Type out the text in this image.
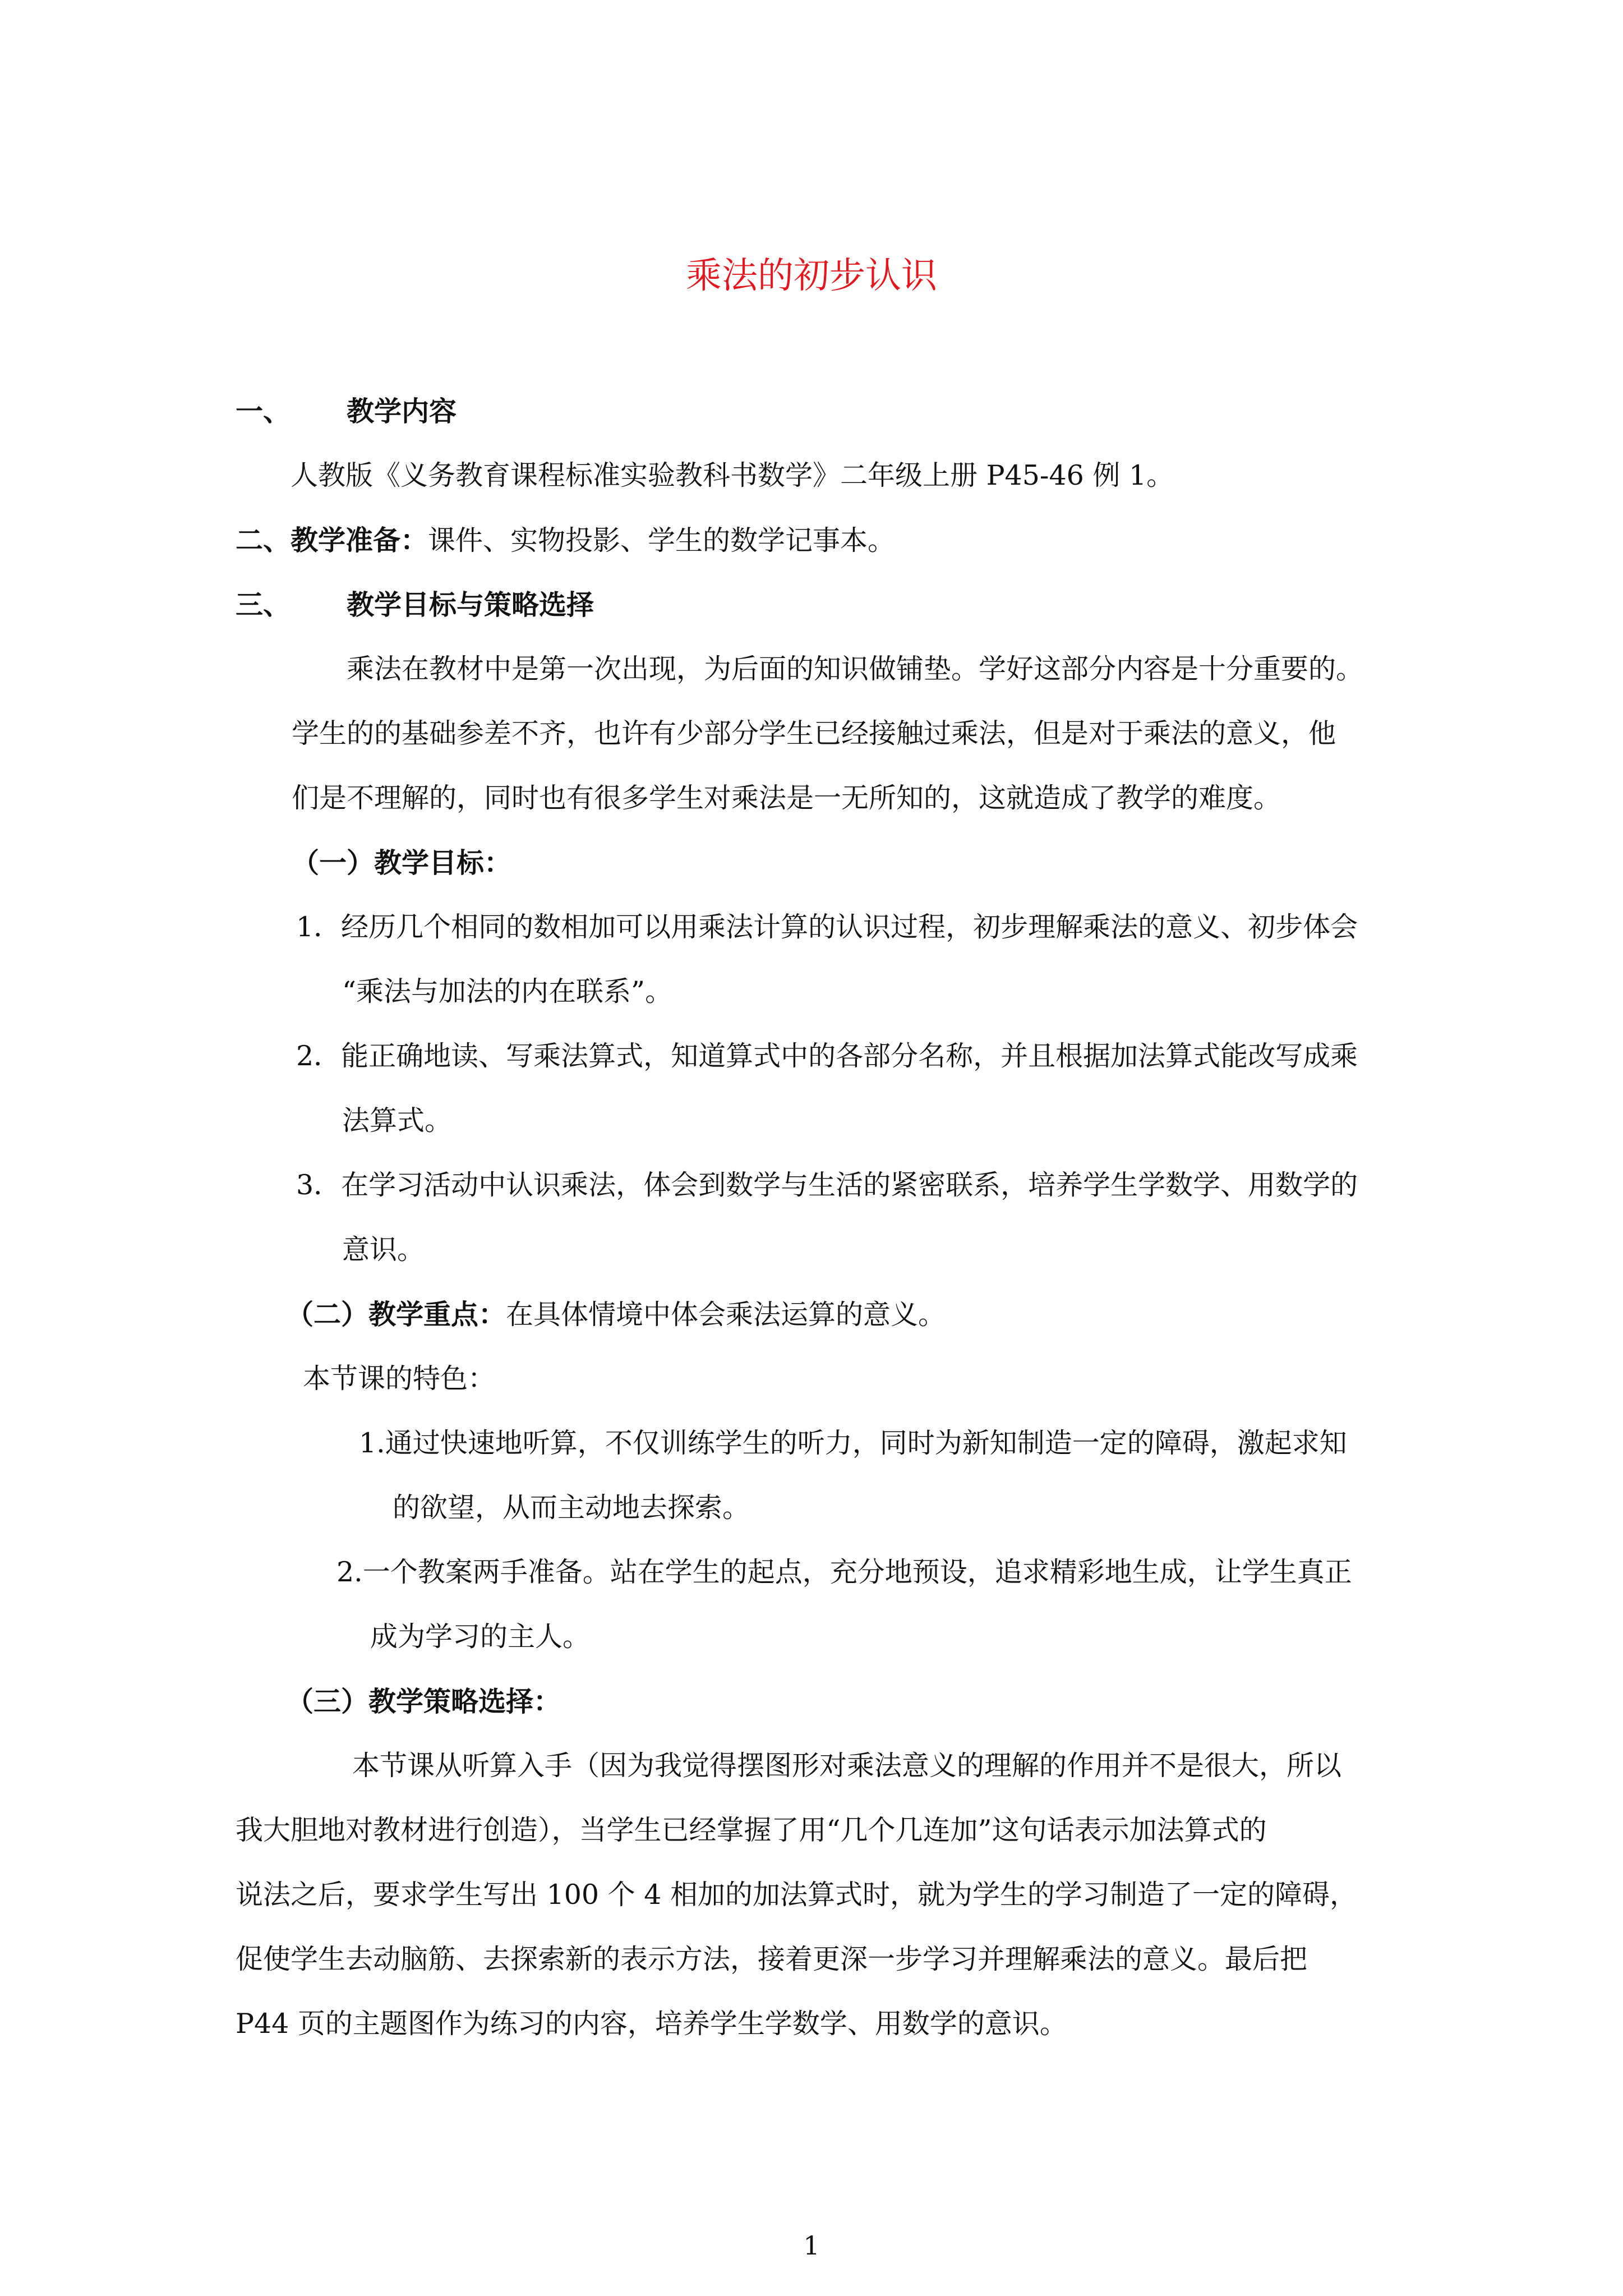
乘法的初步认识
一、 教学内容
人教版《义务教育课程标准实验教科书数学》二年级上册 P45-46 例 1。
二、教学准备：课件、实物投影、学生的数学记事本。
三、 教学目标与策略选择
乘法在教材中是第一次出现，为后面的知识做铺垫。学好这部分内容是十分重要的。
学生的的基础参差不齐，也许有少部分学生已经接触过乘法，但是对于乘法的意义，他
们是不理解的，同时也有很多学生对乘法是一无所知的，这就造成了教学的难度。
（一）教学目标：
1．经历几个相同的数相加可以用乘法计算的认识过程，初步理解乘法的意义、初步体会
“乘法与加法的内在联系”。
2．能正确地读、写乘法算式，知道算式中的各部分名称，并且根据加法算式能改写成乘
法算式。
3．在学习活动中认识乘法，体会到数学与生活的紧密联系，培养学生学数学、用数学的
意识。
（二）教学重点：在具体情境中体会乘法运算的意义。
本节课的特色：
1.通过快速地听算，不仅训练学生的听力，同时为新知制造一定的障碍，激起求知
的欲望，从而主动地去探索。
2.一个教案两手准备。站在学生的起点，充分地预设，追求精彩地生成，让学生真正
成为学习的主人。
（三）教学策略选择：
本节课从听算入手（因为我觉得摆图形对乘法意义的理解的作用并不是很大，所以
我大胆地对教材进行创造），当学生已经掌握了用“几个几连加”这句话表示加法算式的
说法之后，要求学生写出 100 个 4 相加的加法算式时，就为学生的学习制造了一定的障碍，
促使学生去动脑筋、去探索新的表示方法，接着更深一步学习并理解乘法的意义。最后把
P44 页的主题图作为练习的内容，培养学生学数学、用数学的意识。
1
